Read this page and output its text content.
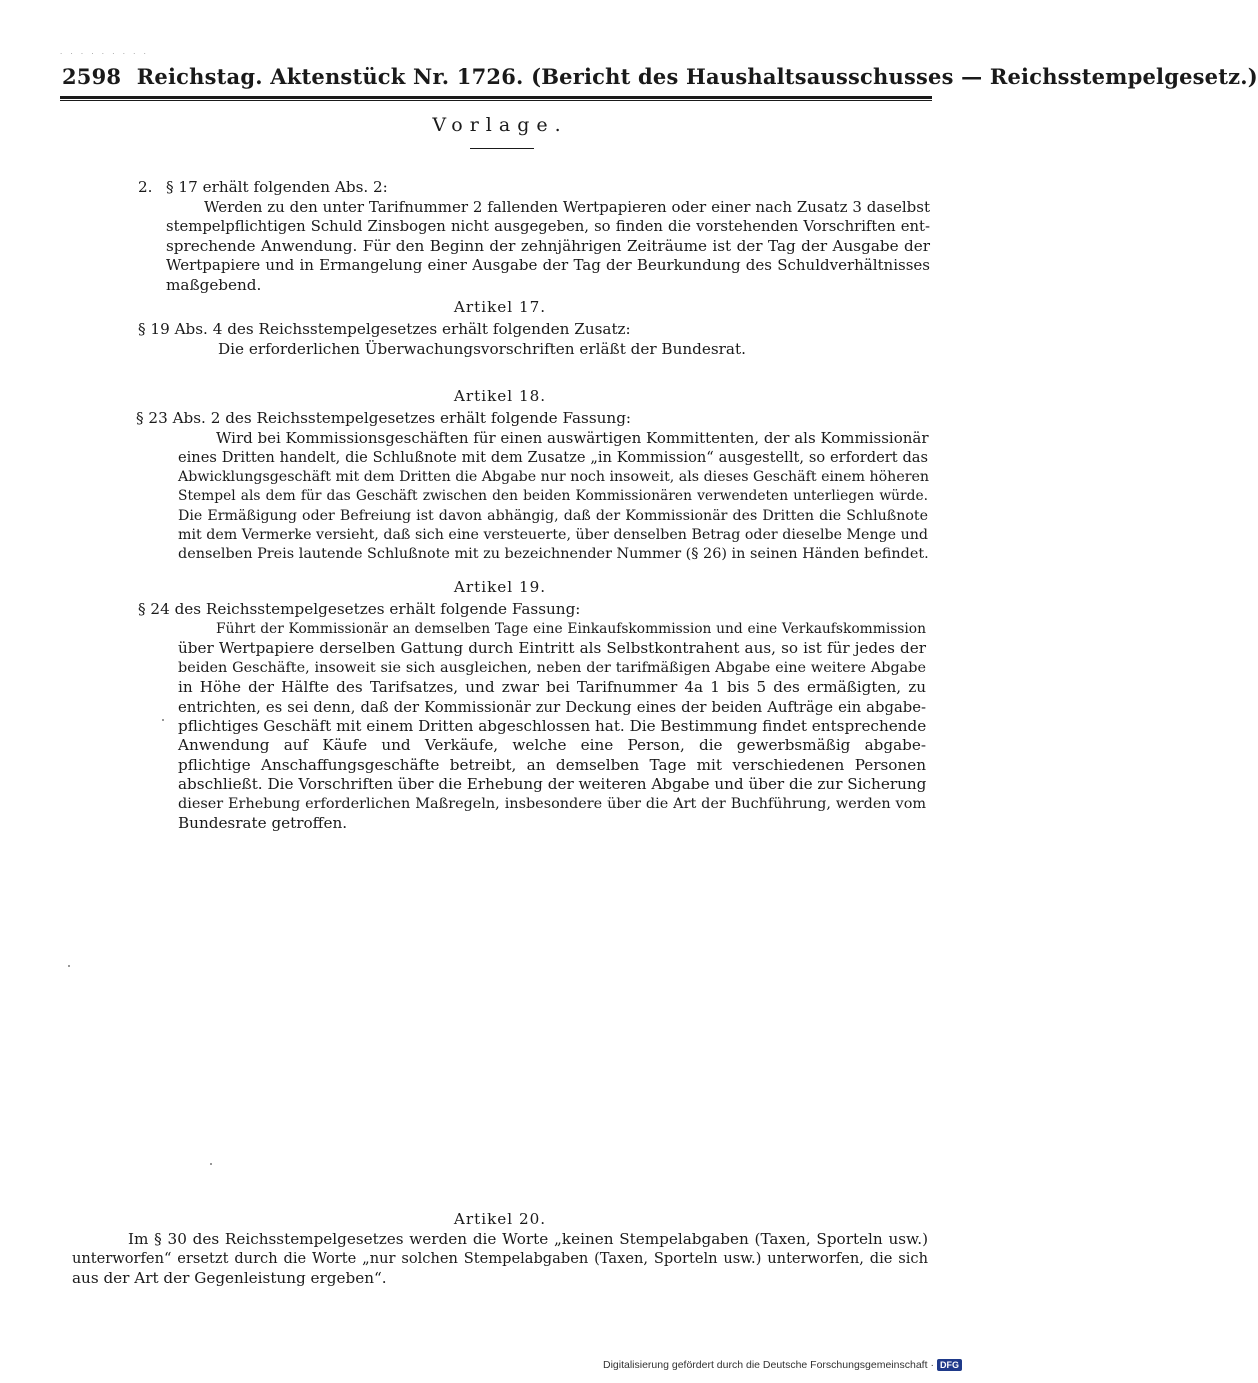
· · · · · · · · ·
2598 Reichstag. Aktenstück Nr. 1726. (Bericht des Haushaltsausschusses — Reichsstempelgesetz.)
Vorlage.
2. § 17 erhält folgenden Abs. 2:
Werden zu den unter Tarifnummer 2 fallenden Wertpapieren oder einer nach Zusatz 3 daselbst
stempelpflichtigen Schuld Zinsbogen nicht ausgegeben, so finden die vorstehenden Vorschriften ent-
sprechende Anwendung. Für den Beginn der zehnjährigen Zeiträume ist der Tag der Ausgabe der
Wertpapiere und in Ermangelung einer Ausgabe der Tag der Beurkundung des Schuldverhältnisses
maßgebend.
Artikel 17.
§ 19 Abs. 4 des Reichsstempelgesetzes erhält folgenden Zusatz:
Die erforderlichen Überwachungsvorschriften erläßt der Bundesrat.
Artikel 18.
§ 23 Abs. 2 des Reichsstempelgesetzes erhält folgende Fassung:
Wird bei Kommissionsgeschäften für einen auswärtigen Kommittenten, der als Kommissionär
eines Dritten handelt, die Schlußnote mit dem Zusatze „in Kommission“ ausgestellt, so erfordert das
Abwicklungsgeschäft mit dem Dritten die Abgabe nur noch insoweit, als dieses Geschäft einem höheren
Stempel als dem für das Geschäft zwischen den beiden Kommissionären verwendeten unterliegen würde.
Die Ermäßigung oder Befreiung ist davon abhängig, daß der Kommissionär des Dritten die Schlußnote
mit dem Vermerke versieht, daß sich eine versteuerte, über denselben Betrag oder dieselbe Menge und
denselben Preis lautende Schlußnote mit zu bezeichnender Nummer (§ 26) in seinen Händen befindet.
Artikel 19.
§ 24 des Reichsstempelgesetzes erhält folgende Fassung:
Führt der Kommissionär an demselben Tage eine Einkaufskommission und eine Verkaufskommission
über Wertpapiere derselben Gattung durch Eintritt als Selbstkontrahent aus, so ist für jedes der
beiden Geschäfte, insoweit sie sich ausgleichen, neben der tarifmäßigen Abgabe eine weitere Abgabe
in Höhe der Hälfte des Tarifsatzes, und zwar bei Tarifnummer 4a 1 bis 5 des ermäßigten, zu
entrichten, es sei denn, daß der Kommissionär zur Deckung eines der beiden Aufträge ein abgabe-
pflichtiges Geschäft mit einem Dritten abgeschlossen hat. Die Bestimmung findet entsprechende
Anwendung auf Käufe und Verkäufe, welche eine Person, die gewerbsmäßig abgabe-
pflichtige Anschaffungsgeschäfte betreibt, an demselben Tage mit verschiedenen Personen
abschließt. Die Vorschriften über die Erhebung der weiteren Abgabe und über die zur Sicherung
dieser Erhebung erforderlichen Maßregeln, insbesondere über die Art der Buchführung, werden vom
Bundesrate getroffen.
Artikel 20.
Im § 30 des Reichsstempelgesetzes werden die Worte „keinen Stempelabgaben (Taxen, Sporteln usw.)
unterworfen“ ersetzt durch die Worte „nur solchen Stempelabgaben (Taxen, Sporteln usw.) unterworfen, die sich
aus der Art der Gegenleistung ergeben“.
Digitalisierung gefördert durch die Deutsche Forschungsgemeinschaft · DFG
